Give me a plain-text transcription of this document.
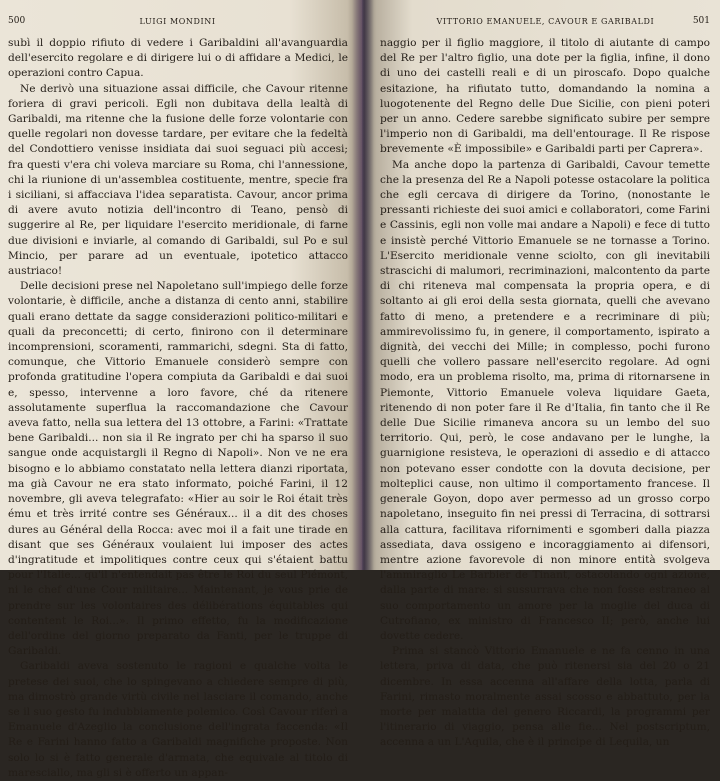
500	LUIGI MONDINI

subì il doppio rifiuto di vedere i Garibaldini all'avanguardia dell'esercito regolare e di dirigere lui o di affidare a Medici, le operazioni contro Capua.

Ne derivò una situazione assai difficile, che Cavour ritenne foriera di gravi pericoli. Egli non dubitava della lealtà di Garibaldi, ma ritenne che la fusione delle forze volontarie con quelle regolari non dovesse tardare, per evitare che la fedeltà del Condottiero venisse insidiata dai suoi seguaci più accesi; fra questi v'era chi voleva marciare su Roma, chi l'annessione, chi la riunione di un'assemblea costituente, mentre, specie fra i siciliani, si affacciava l'idea separatista. Cavour, ancor prima di avere avuto notizia dell'incontro di Teano, pensò di suggerire al Re, per liquidare l'esercito meridionale, di farne due divisioni e inviarle, al comando di Garibaldi, sul Po e sul Mincio, per parare ad un eventuale, ipotetico attacco austriaco!

Delle decisioni prese nel Napoletano sull'impiego delle forze volontarie, è difficile, anche a distanza di cento anni, stabilire quali erano dettate da sagge considerazioni politico-militari e quali da preconcetti; di certo, finirono con il determinare incomprensioni, scoramenti, rammarichi, sdegni. Sta di fatto, comunque, che Vittorio Emanuele considerò sempre con profonda gratitudine l'opera compiuta da Garibaldi e dai suoi e, spesso, intervenne a loro favore, ché da ritenere assolutamente superflua la raccomandazione che Cavour aveva fatto, nella sua lettera del 13 ottobre, a Farini: «Trattate bene Garibaldi... non sia il Re ingrato per chi ha sparso il suo sangue onde acquistargli il Regno di Napoli». Non ve ne era bisogno e lo abbiamo constatato nella lettera dianzi riportata, ma già Cavour ne era stato informato, poiché Farini, il 12 novembre, gli aveva telegrafato: «Hier au soir le Roi était très ému et très irrité contre ses Généraux... il a dit des choses dures au Général della Rocca: avec moi il a fait une tirade en disant que ses Généraux voulaient lui imposer des actes d'ingratitude et impolitiques contre ceux qui s'étaient battu pour l'Italie... qu'il n'entendait pas être le Roi du seul Piémont, ni le chef d'une Cour militaire... Maintenant, je vous prie de prendre sur les volontaires des délibérations équitables qui contentent le Roi...». Il primo effetto, fu la modificazione dell'ordine del giorno preparato da Fanti, per le truppe di Garibaldi.

Garibaldi aveva sostenuto le ragioni e qualche volta le pretese dei suoi, che lo spingevano a chiedere sempre di più, ma dimostrò grande virtù civile nel lasciare il comando, anche se il suo gesto fu indubbiamente polemico. Così Cavour riferì a Emanuele d'Azeglio la conclusione dell'ingrata faccenda: «Il Re e Farini hanno fatto a Garibaldi magnifiche proposte. Non solo lo si è fatto generale d'armata, che equivale al titolo di maresciallo, ma gli si è offerto un appan-

VITTORIO EMANUELE, CAVOUR E GARIBALDI	501

naggio per il figlio maggiore, il titolo di aiutante di campo del Re per l'altro figlio, una dote per la figlia, infine, il dono di uno dei castelli reali e di un piroscafo. Dopo qualche esitazione, ha rifiutato tutto, domandando la nomina a luogotenente del Regno delle Due Sicilie, con pieni poteri per un anno. Cedere sarebbe significato subire per sempre l'imperio non di Garibaldi, ma dell'entourage. Il Re rispose brevemente «È impossibile» e Garibaldi parti per Caprera».

Ma anche dopo la partenza di Garibaldi, Cavour temette che la presenza del Re a Napoli potesse ostacolare la politica che egli cercava di dirigere da Torino, (nonostante le pressanti richieste dei suoi amici e collaboratori, come Farini e Cassinis, egli non volle mai andare a Napoli) e fece di tutto e insistè perché Vittorio Emanuele se ne tornasse a Torino. L'Esercito meridionale venne sciolto, con gli inevitabili strascichi di malumori, recriminazioni, malcontento da parte di chi riteneva mal compensata la propria opera, e di soltanto ai gli eroi della sesta giornata, quelli che avevano fatto di meno, a pretendere e a recriminare di più; ammirevolissimo fu, in genere, il comportamento, ispirato a dignità, dei vecchi dei Mille; in complesso, pochi furono quelli che vollero passare nell'esercito regolare. Ad ogni modo, era un problema risolto, ma, prima di ritornarsene in Piemonte, Vittorio Emanuele voleva liquidare Gaeta, ritenendo di non poter fare il Re d'Italia, fin tanto che il Re delle Due Sicilie rimaneva ancora su un lembo del suo territorio. Qui, però, le cose andavano per le lunghe, la guarnigione resisteva, le operazioni di assedio e di attacco non potevano esser condotte con la dovuta decisione, per molteplici cause, non ultimo il comportamento francese. Il generale Goyon, dopo aver permesso ad un grosso corpo napoletano, inseguito fin nei pressi di Terracina, di sottrarsi alla cattura, facilitava rifornimenti e sgomberi dalla piazza assediata, dava ossigeno e incoraggiamento ai difensori, mentre azione favorevole di non minore entità svolgeva l'ammiraglio Le Barbier de Tinant, ostacolando ogni azione, dalla parte di mare: si sussurrava che non fosse estraneo al suo comportamento un amore per la moglie del duca di Cutrofiano, ex ministro di Francesco II; però, anche lui dovette cedere.

Prima si stancò Vittorio Emanuele e ne fa cenno in una lettera, priva di data, che può ritenersi sia del 20 o 21 dicembre. In essa accenna all'affare della lotta, parla di Farini, rimasto moralmente assai scosso e abbattuto, per la morte per malattia del genero Riccardi, la programmi per l'itinerario di viaggio, pensa alle fie... Nel postscriptum, accenna a un L'Aquila, che è il principe di Lequila, un
